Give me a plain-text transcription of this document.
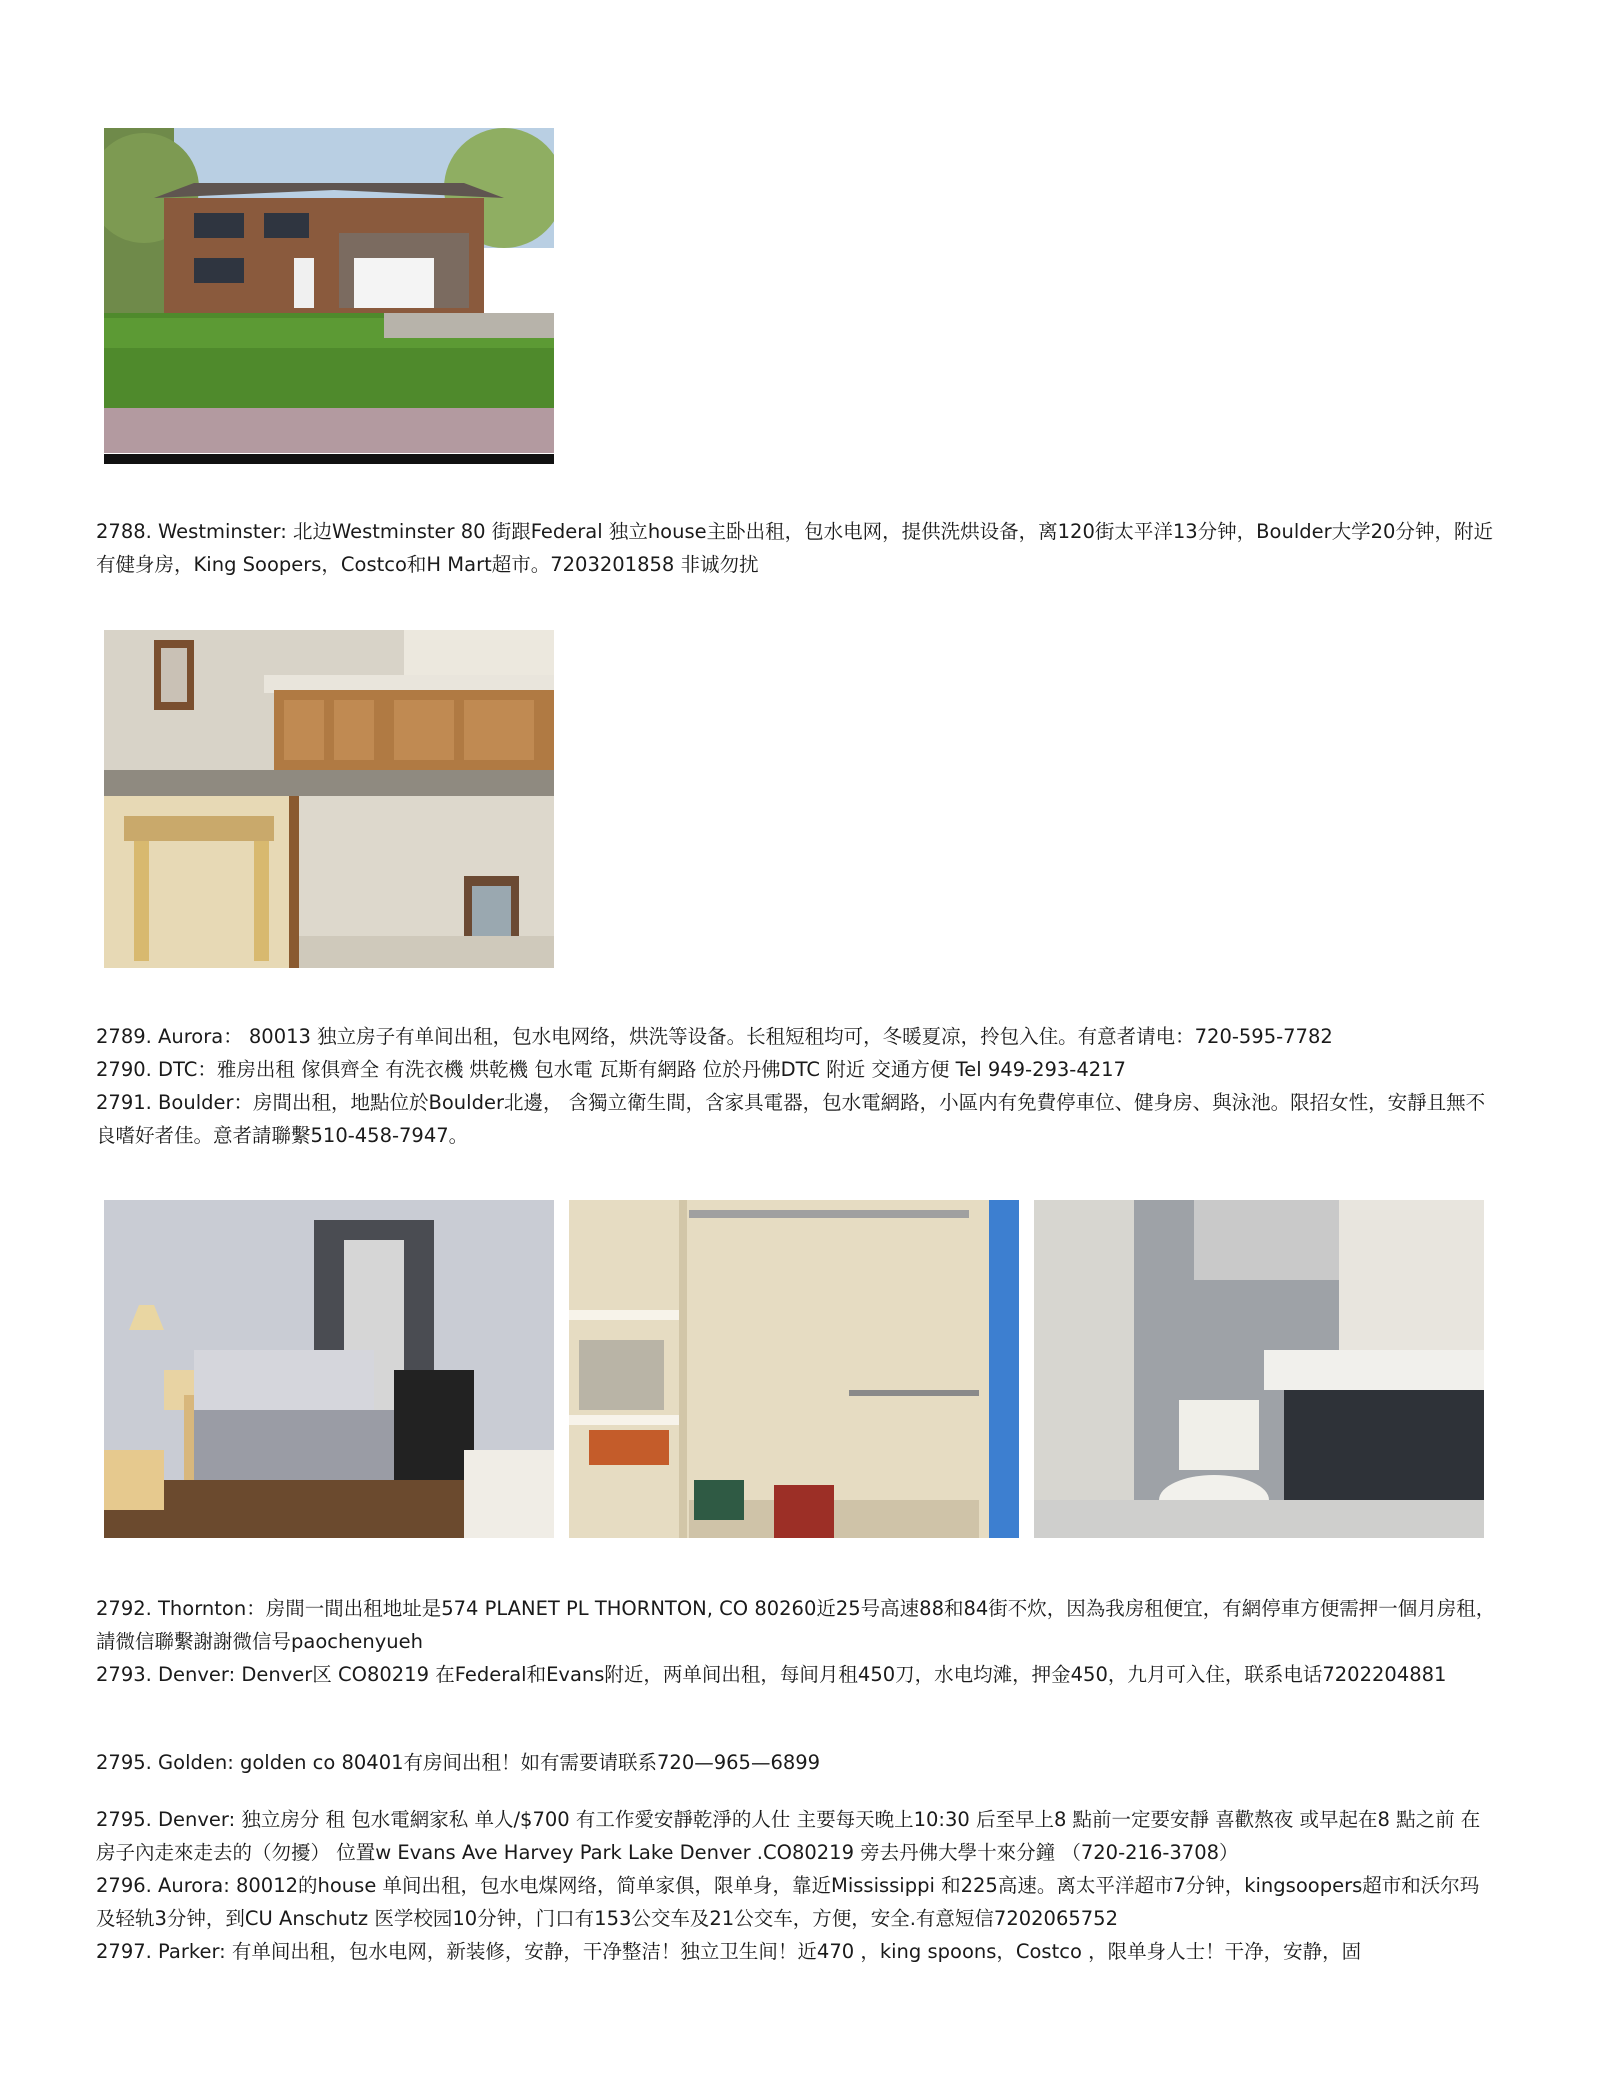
2788. Westminster: 北边Westminster 80 街跟Federal 独立house主卧出租，包水电网，提供洗烘设备，离120街太平洋13分钟，Boulder大学20分钟，附近有健身房，King Soopers，Costco和H Mart超市。7203201858 非诚勿扰

2789. Aurora： 80013 独立房子有单间出租，包水电网络，烘洗等设备。长租短租均可，冬暖夏凉，拎包入住。有意者请电：720-595-7782

2790. DTC：雅房出租 傢俱齊全 有洗衣機 烘乾機 包水電 瓦斯有網路 位於丹佛DTC 附近 交通方便 Tel 949-293-4217

2791. Boulder：房間出租，地點位於Boulder北邊， 含獨立衛生間，含家具電器，包水電網路，小區内有免費停車位、健身房、與泳池。限招女性，安靜且無不良嗜好者佳。意者請聯繫510-458-7947。

2792. Thornton：房間一間出租地址是574 PLANET PL THORNTON, CO 80260近25号高速88和84街不炊，因為我房租便宜，有網停車方便需押一個月房租，請微信聯繫謝謝微信号paochenyueh

2793. Denver: Denver区 CO80219 在Federal和Evans附近，两单间出租，每间月租450刀，水电均滩，押金450，九月可入住，联系电话7202204881

2795. Golden: golden co 80401有房间出租！如有需要请联系720—965—6899

2795. Denver: 独立房分 租 包水電網家私 单人/$700 有工作愛安靜乾淨的人仕 主要每天晚上10:30 后至早上8 點前一定要安靜 喜歡熬夜 或早起在8 點之前 在房子內走來走去的（勿擾） 位置w Evans Ave Harvey Park Lake Denver .CO80219 旁去丹佛大學十來分鐘 （720-216-3708）

2796. Aurora: 80012的house 单间出租，包水电煤网络，简单家俱，限单身，靠近Mississippi 和225高速。离太平洋超市7分钟，kingsoopers超市和沃尔玛及轻轨3分钟，到CU Anschutz 医学校园10分钟，门口有153公交车及21公交车，方便，安全.有意短信7202065752

2797. Parker: 有单间出租，包水电网，新装修，安静，干净整洁！独立卫生间！近470 ，king spoons，Costco ，限单身人士！干净，安静，固
